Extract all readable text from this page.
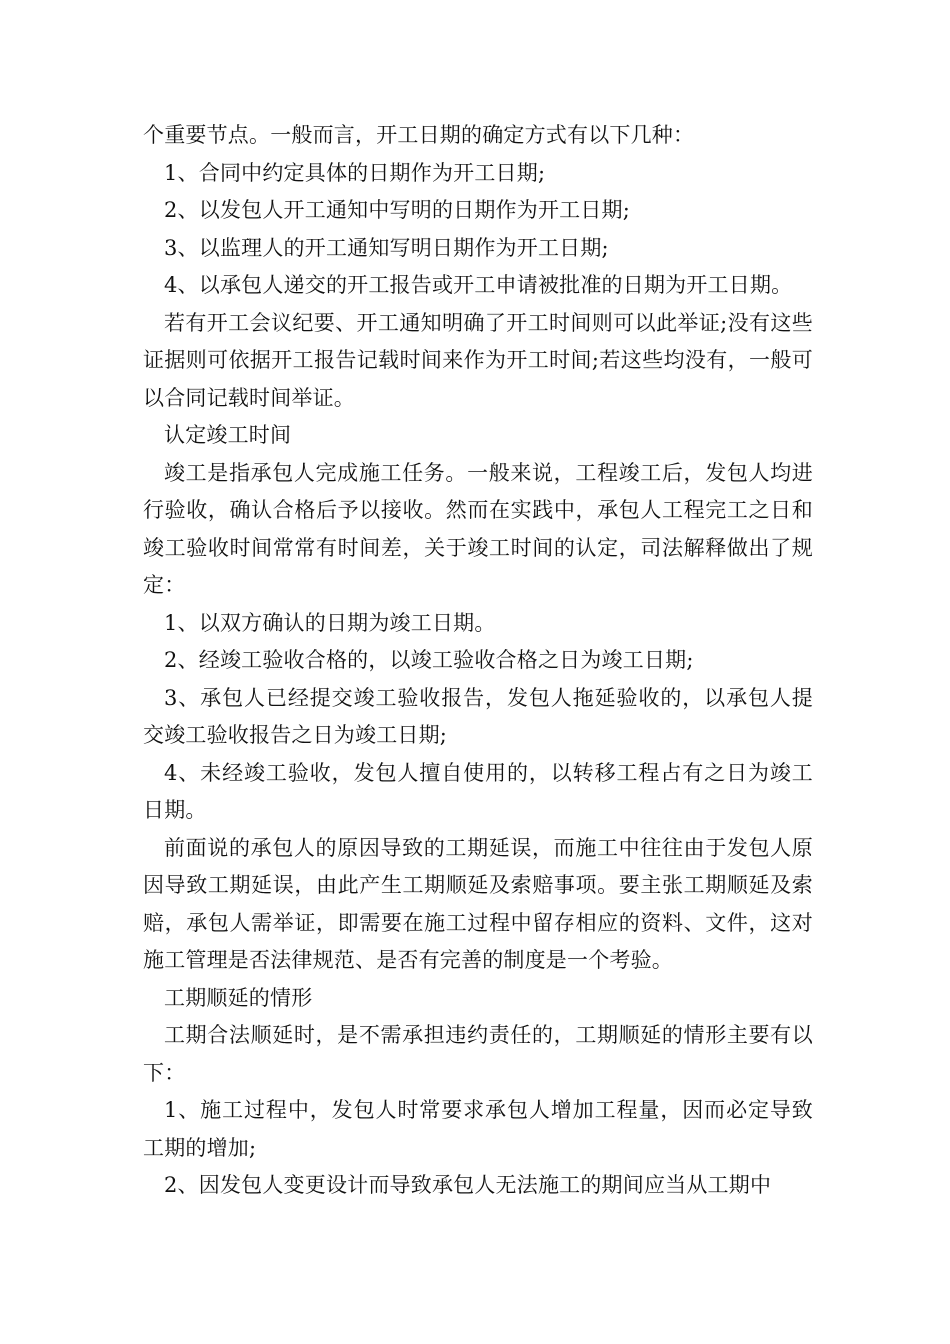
个重要节点。一般而言，开工日期的确定方式有以下几种：

1、合同中约定具体的日期作为开工日期;

2、以发包人开工通知中写明的日期作为开工日期;

3、以监理人的开工通知写明日期作为开工日期;

4、以承包人递交的开工报告或开工申请被批准的日期为开工日期。

若有开工会议纪要、开工通知明确了开工时间则可以此举证;没有这些证据则可依据开工报告记载时间来作为开工时间;若这些均没有，一般可以合同记载时间举证。

认定竣工时间

竣工是指承包人完成施工任务。一般来说，工程竣工后，发包人均进行验收，确认合格后予以接收。然而在实践中，承包人工程完工之日和竣工验收时间常常有时间差，关于竣工时间的认定，司法解释做出了规定：

1、以双方确认的日期为竣工日期。

2、经竣工验收合格的，以竣工验收合格之日为竣工日期;

3、承包人已经提交竣工验收报告，发包人拖延验收的，以承包人提交竣工验收报告之日为竣工日期;

4、未经竣工验收，发包人擅自使用的，以转移工程占有之日为竣工日期。

前面说的承包人的原因导致的工期延误，而施工中往往由于发包人原因导致工期延误，由此产生工期顺延及索赔事项。要主张工期顺延及索赔，承包人需举证，即需要在施工过程中留存相应的资料、文件，这对施工管理是否法律规范、是否有完善的制度是一个考验。

工期顺延的情形

工期合法顺延时，是不需承担违约责任的，工期顺延的情形主要有以下：

1、施工过程中，发包人时常要求承包人增加工程量，因而必定导致工期的增加;

2、因发包人变更设计而导致承包人无法施工的期间应当从工期中
